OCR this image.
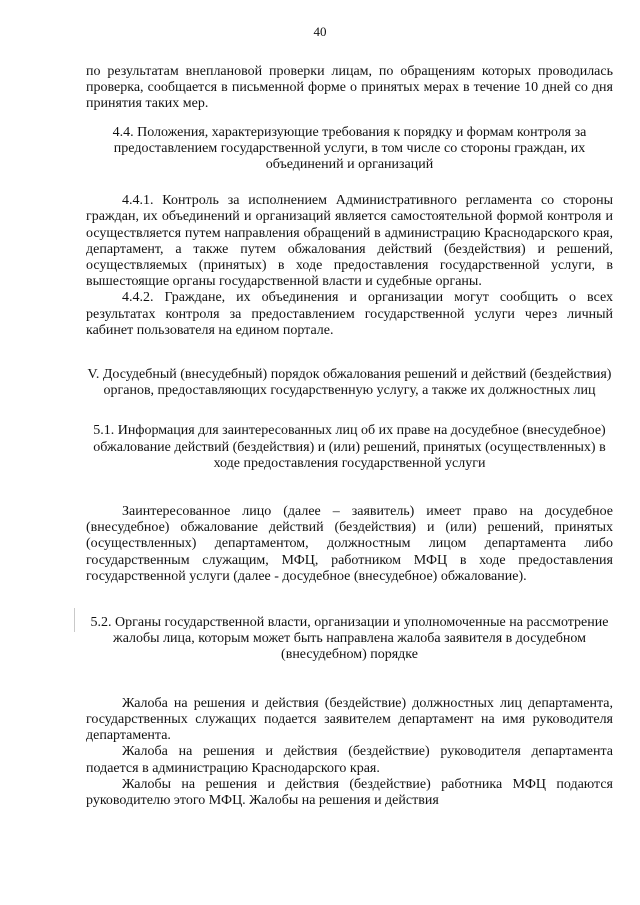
40

по результатам внеплановой проверки лицам, по обращениям которых проводилась проверка, сообщается в письменной форме о принятых мерах в течение 10 дней со дня принятия таких мер.

4.4. Положения, характеризующие требования к порядку и формам контроля за предоставлением государственной услуги, в том числе со стороны граждан, их объединений и организаций

4.4.1. Контроль за исполнением Административного регламента со стороны граждан, их объединений и организаций является самостоятельной формой контроля и осуществляется путем направления обращений в администрацию Краснодарского края, департамент, а также путем обжалования действий (бездействия) и решений, осуществляемых (принятых) в ходе предоставления государственной услуги, в вышестоящие органы государственной власти и судебные органы.

4.4.2. Граждане, их объединения и организации могут сообщить о всех результатах контроля за предоставлением государственной услуги через личный кабинет пользователя на едином портале.

V. Досудебный (внесудебный) порядок обжалования решений и действий (бездействия) органов, предоставляющих государственную услугу, а также их должностных лиц

5.1. Информация для заинтересованных лиц об их праве на досудебное (внесудебное) обжалование действий (бездействия) и (или) решений, принятых (осуществленных) в ходе предоставления государственной услуги

Заинтересованное лицо (далее – заявитель) имеет право на досудебное (внесудебное) обжалование действий (бездействия) и (или) решений, принятых (осуществленных) департаментом, должностным лицом департамента либо государственным служащим, МФЦ, работником МФЦ в ходе предоставления государственной услуги (далее - досудебное (внесудебное) обжалование).

5.2. Органы государственной власти, организации и уполномоченные на рассмотрение жалобы лица, которым может быть направлена жалоба заявителя в досудебном (внесудебном) порядке

Жалоба на решения и действия (бездействие) должностных лиц департамента, государственных служащих подается заявителем департамент на имя руководителя департамента.

Жалоба на решения и действия (бездействие) руководителя департамента подается в администрацию Краснодарского края.

Жалобы на решения и действия (бездействие) работника МФЦ подаются руководителю этого МФЦ. Жалобы на решения и действия
